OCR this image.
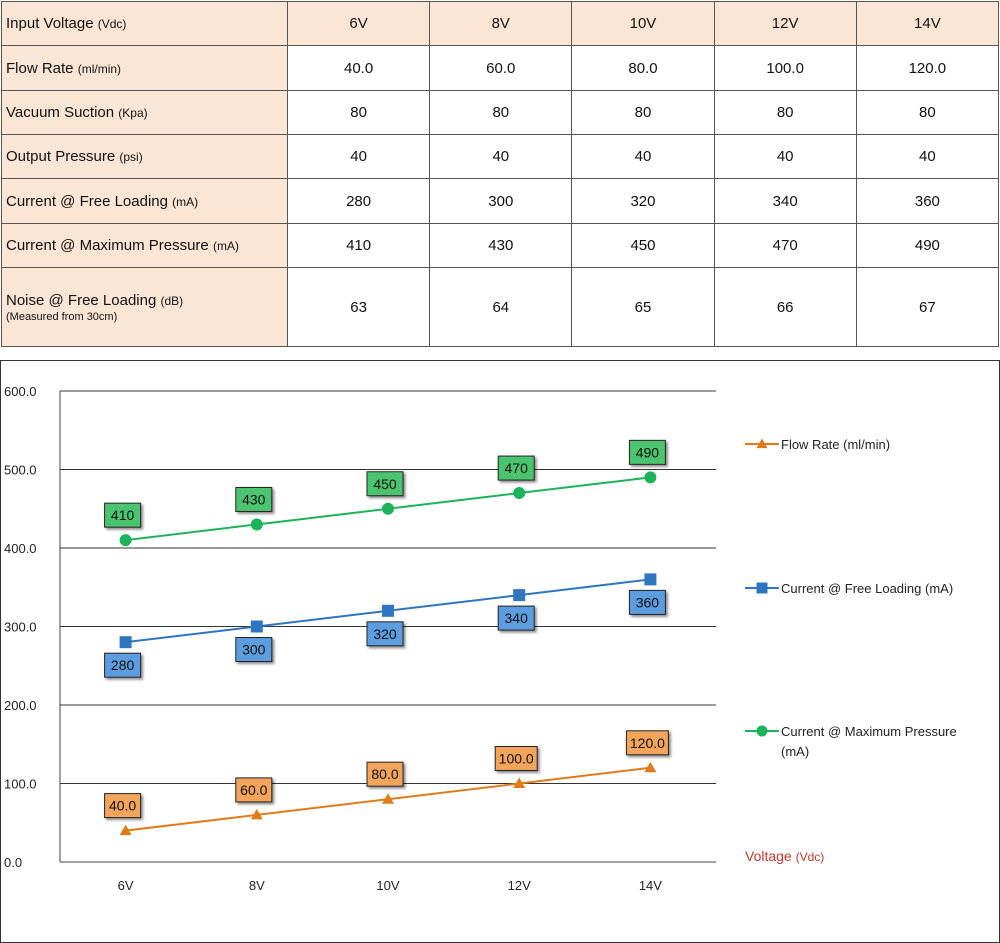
Input Voltage (Vdc)	6V	8V	10V	12V	14V
Flow Rate (ml/min)	40.0	60.0	80.0	100.0	120.0
Vacuum Suction (Kpa)	80	80	80	80	80
Output Pressure (psi)	40	40	40	40	40
Current @ Free Loading (mA)	280	300	320	340	360
Current @ Maximum Pressure (mA)	410	430	450	470	490
Noise @ Free Loading (dB)
(Measured from 30cm)	63	64	65	66	67
0.0
100.0
200.0
300.0
400.0
500.0
600.0
6V	8V	10V	12V	14V
Voltage (Vdc)
40.0
60.0
80.0
100.0
120.0
280
300
320
340
360
410
430
450
470
490	Flow Rate (ml/min)
Current @ Free Loading (mA)
Current @ Maximum Pressure
(mA)
